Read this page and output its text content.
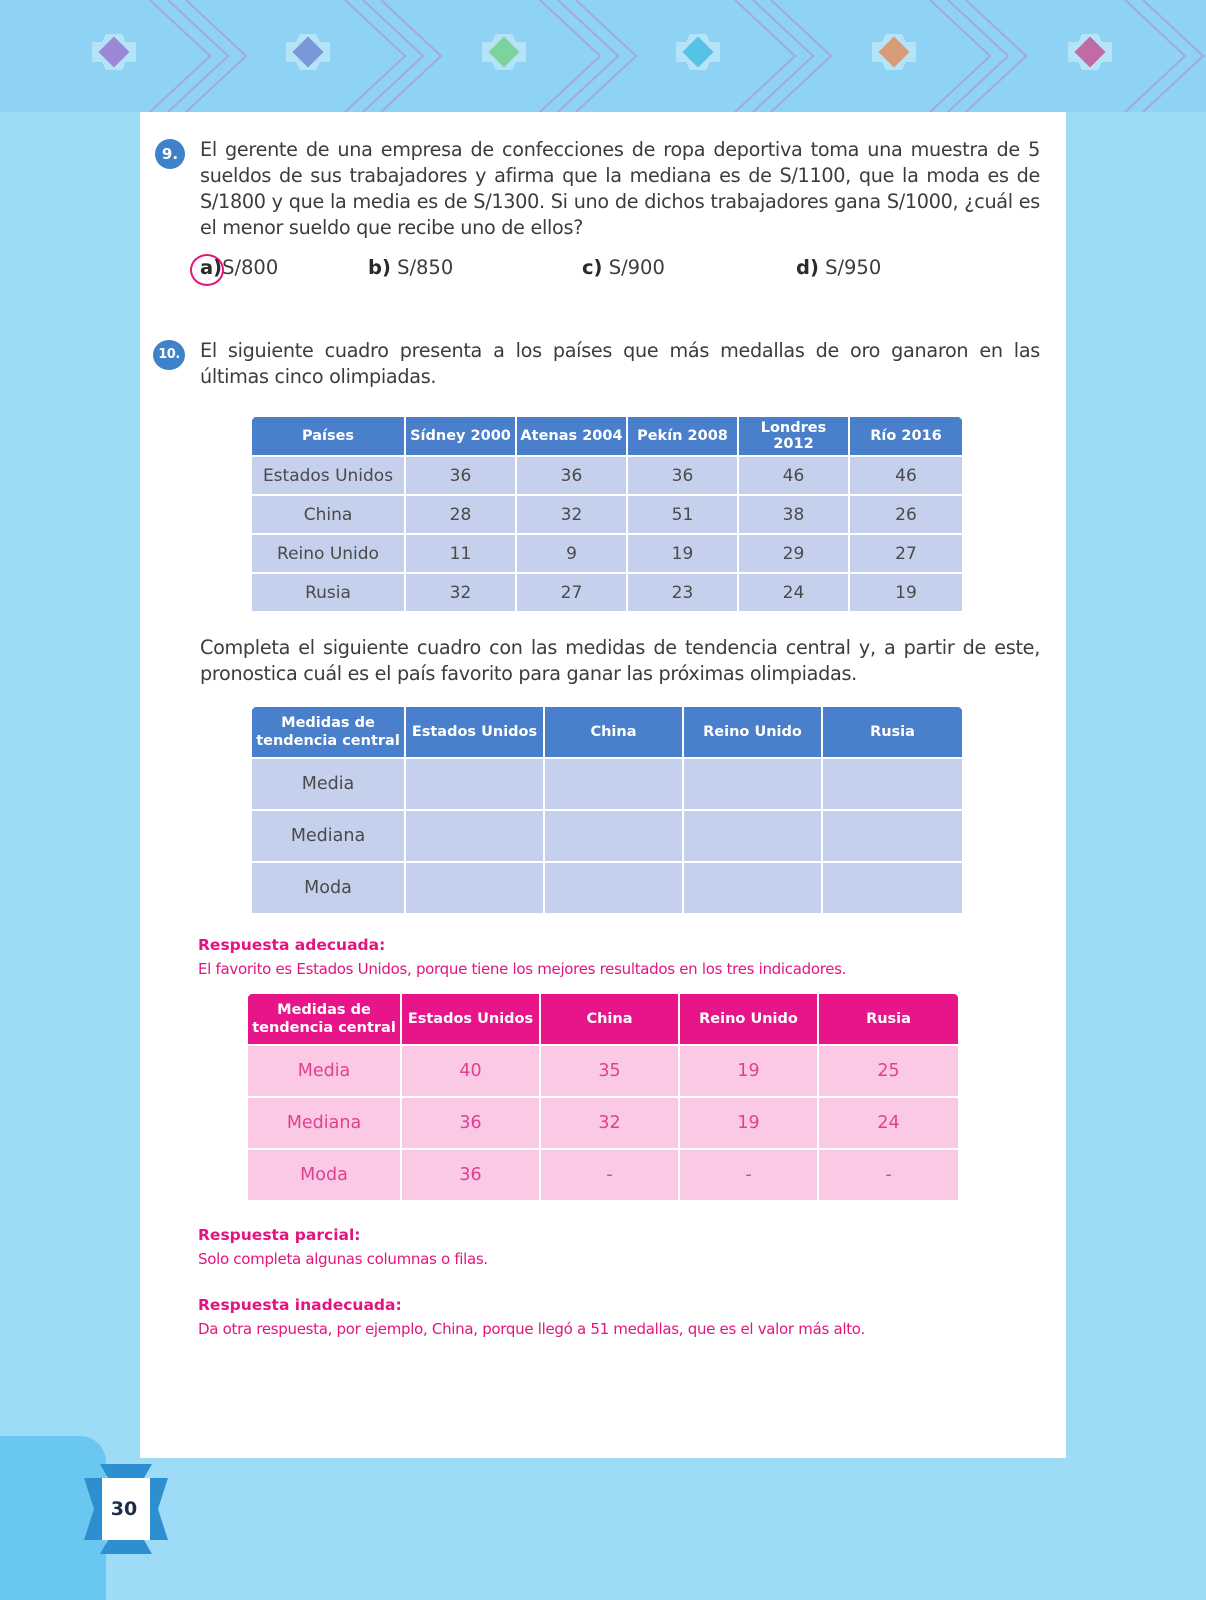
30
9.	El gerente de una empresa de confecciones de ropa deportiva toma una muestra de 5 sueldos de sus trabajadores y afirma que la mediana es de S/1100, que la moda es de S/1800 y que la media es de S/1300. Si uno de dichos trabajadores gana S/1000, ¿cuál es el menor sueldo que recibe uno de ellos?
a)S/800	b) S/850	c) S/900	d) S/950
10. El siguiente cuadro presenta a los países que más medallas de oro ganaron en las últimas cinco olimpiadas.
Países	Sídney 2000	Atenas 2004	Pekín 2008	Londres 2012	Río 2016
Estados Unidos	36	36	36	46	46
China	28	32	51	38	26
Reino Unido	11	9	19	29	27
Rusia	32	27	23	24	19
Completa el siguiente cuadro con las medidas de tendencia central y, a partir de este, pronostica cuál es el país favorito para ganar las próximas olimpiadas.
Medidas de tendencia central	Estados Unidos	China	Reino Unido	Rusia
Media				
Mediana				
Moda				
Respuesta adecuada:
El favorito es Estados Unidos, porque tiene los mejores resultados en los tres indicadores.
Medidas de tendencia central	Estados Unidos	China	Reino Unido	Rusia
Media	40	35	19	25
Mediana	36	32	19	24
Moda	36	-	-	-
Respuesta parcial:
Solo completa algunas columnas o filas.
Respuesta inadecuada:
Da otra respuesta, por ejemplo, China, porque llegó a 51 medallas, que es el valor más alto.
